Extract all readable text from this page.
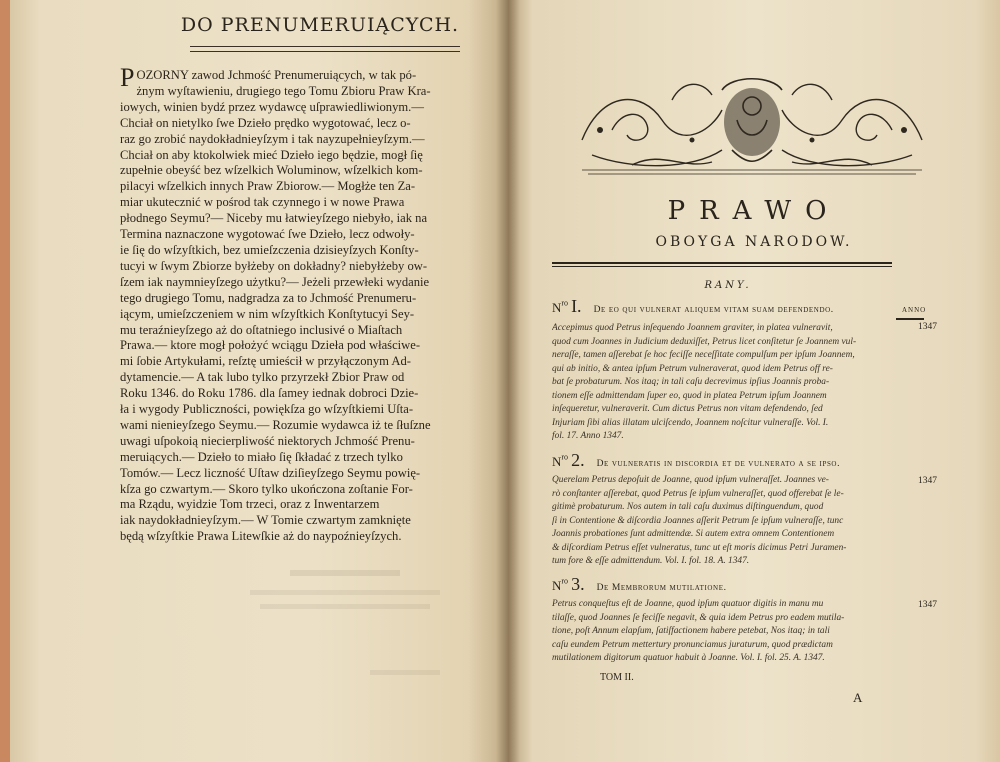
DO PRENUMERUIĄCYCH.
P OZORNY zawod Jchmość Prenumeruiących, w tak pó-
żnym wyſtawieniu, drugiego tego Tomu Zbioru Praw Kra-
iowych, winien bydź przez wydawcę uſprawiedliwionym.—
Chciał on nietylko ſwe Dzieło prędko wygotować, lecz o-
raz go zrobić naydokładnieyſzym i tak nayzupełnieyſzym.—
Chciał on aby ktokolwiek mieć Dzieło iego będzie, mogł ſię
zupełnie obeyść bez wſzelkich Woluminow, wſzelkich kom-
pilacyi wſzelkich innych Praw Zbiorow.— Mogłże ten Za-
miar ukutecznić w pośrod tak czynnego i w nowe Prawa
płodnego Seymu?— Niceby mu łatwieyſzego niebyło, iak na
Termina naznaczone wygotować ſwe Dzieło, lecz odwoły-
ie ſię do wſzyſtkich, bez umieſzczenia dzisieyſzych Konſty-
tucyi w ſwym Zbiorze byłżeby on dokładny? niebyłżeby ow-
ſzem iak naymnieyſzego użytku?— Jeżeli przewłeki wydanie
tego drugiego Tomu, nadgradza za to Jchmość Prenumeru-
iącym, umieſzczeniem w nim wſzyſtkich Konſtytucyi Sey-
mu teraźnieyſzego aż do oſtatniego inclusivé o Miaſtach
Prawa.— ktore mogł położyć wciągu Dzieła pod właściwe-
mi ſobie Artykułami, reſztę umieścił w przyłączonym Ad-
dytamencie.— A tak lubo tylko przyrzekł Zbior Praw od
Roku 1346. do Roku 1786. dla ſamey iednak dobroci Dzie-
ła i wygody Publiczności, powiękſza go wſzyſtkiemi Uſta-
wami nienieyſzego Seymu.— Rozumie wydawca iż te ſłuſzne
uwagi uſpokoią niecierpliwość niektorych Jchmość Prenu-
meruiących.— Dzieło to miało ſię ſkładać z trzech tylko
Tomów.— Lecz liczność Uſtaw dziſieyſzego Seymu powię-
kſza go czwartym.— Skoro tylko ukończona zoſtanie For-
ma Rządu, wyidzie Tom trzeci, oraz z Inwentarzem
iak naydokładnieyſzym.— W Tomie czwartym zamknięte
będą wſzyſtkie Prawa Litewſkie aż do naypoźnieyſzych.
PRAWO
OBOYGA NARODOW.
RANY.
ANNO
$N^{ro}$ I. De eo qui vulnerat aliquem vitam suam defendendo.
1347
Accepimus quod Petrus inſequendo Joannem graviter, in platea vulneravit,
quod cum Joannes in Judicium deduxiſſet, Petrus licet conſitetur ſe Joannem vul-
neraſſe, tamen aſſerebat ſe hoc feciſſe neceſſitate compulſum per ipſum Joannem,
qui ab initio, & antea ipſum Petrum vulneraverat, quod idem Petrus off re-
bat ſe probaturum. Nos itaq; in tali caſu decrevimus ipſius Joannis proba-
tionem eſſe admittendam ſuper eo, quod in platea Petrum ipſum Joannem
inſequeretur, vulneraverit. Cum dictus Petrus non vitam defendendo, ſed
Injuriam ſibi alias illatam ulciſcendo, Joannem noſcitur vulneraſſe. Vol. I.
fol. 17. Anno 1347.
$N^{ro}$ 2. De vulneratis in discordia et de vulnerato a se ipso.
1347
Querelam Petrus depoſuit de Joanne, quod ipſum vulneraſſet. Joannes ve-
rò conſtanter aſſerebat, quod Petrus ſe ipſum vulneraſſet, quod offerebat ſe le-
gitimè probaturum. Nos autem in tali caſu duximus diſtinguendum, quod
ſi in Contentione & diſcordia Joannes aſſerit Petrum ſe ipſum vulneraſſe, tunc
Joannis probationes ſunt admittendæ. Si autem extra omnem Contentionem
& diſcordiam Petrus eſſet vulneratus, tunc ut eſt moris dicimus Petri Juramen-
tum fore & eſſe admittendum. Vol. I. fol. 18. A. 1347.
$N^{ro}$ 3. De Membrorum mutilatione.
1347
Petrus conqueſtus eſt de Joanne, quod ipſum quatuor digitis in manu mu
tilaſſe, quod Joannes ſe feciſſe negavit, & quia idem Petrus pro eadem mutila-
tione, poſt Annum elapſum, ſatiſfactionem habere petebat, Nos itaq; in tali
caſu eundem Petrum mettertury pronunciamus juraturum, quod prædictam
mutilationem digitorum quatuor habuit à Joanne. Vol. I. fol. 25. A. 1347.
TOM II.
A
